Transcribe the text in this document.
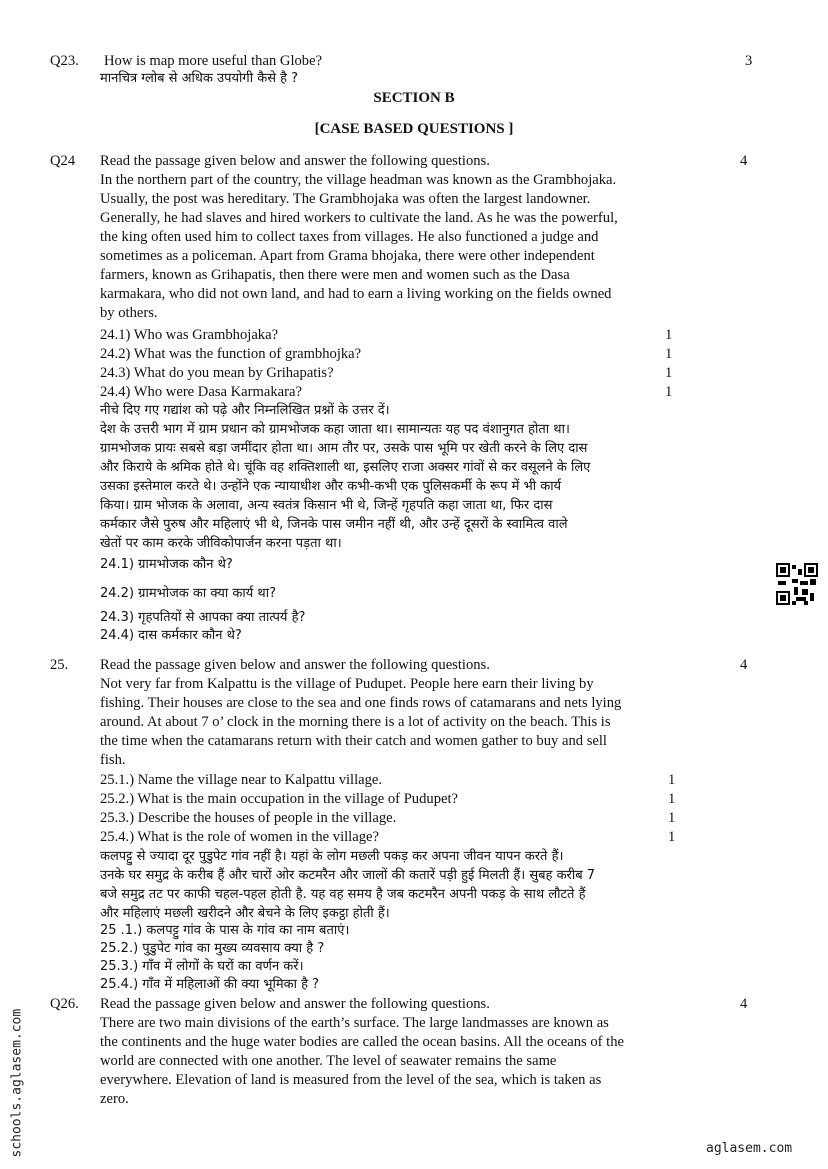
schools.aglasem.com	aglasem.com
Q23. How is map more useful than Globe?	3
मानचित्र ग्लोब से अधिक उपयोगी कैसे है ?
SECTION B
[CASE BASED QUESTIONS ]
Q24 Read the passage given below and answer the following questions.	4
In the northern part of the country, the village headman was known as the Grambhojaka.
Usually, the post was hereditary. The Grambhojaka was often the largest landowner.
Generally, he had slaves and hired workers to cultivate the land. As he was the powerful,
the king often used him to collect taxes from villages. He also functioned a judge and
sometimes as a policeman. Apart from Grama bhojaka, there were other independent
farmers, known as Grihapatis, then there were men and women such as the Dasa
karmakara, who did not own land, and had to earn a living working on the fields owned
by others.
24.1) Who was Grambhojaka?	1
24.2) What was the function of grambhojka?	1
24.3) What do you mean by Grihapatis?	1
24.4) Who were Dasa Karmakara?	1
नीचे दिए गए गद्यांश को पढ़े और निम्नलिखित प्रश्नों के उत्तर दें।
देश के उत्तरी भाग में ग्राम प्रधान को ग्रामभोजक कहा जाता था। सामान्यतः यह पद वंशानुगत होता था।
ग्रामभोजक प्रायः सबसे बड़ा जमींदार होता था। आम तौर पर, उसके पास भूमि पर खेती करने के लिए दास
और किराये के श्रमिक होते थे। चूंकि वह शक्तिशाली था, इसलिए राजा अक्सर गांवों से कर वसूलने के लिए
उसका इस्तेमाल करते थे। उन्होंने एक न्यायाधीश और कभी-कभी एक पुलिसकर्मी के रूप में भी कार्य
किया। ग्राम भोजक के अलावा, अन्य स्वतंत्र किसान भी थे, जिन्हें गृहपति कहा जाता था, फिर दास
कर्मकार जैसे पुरुष और महिलाएं भी थे, जिनके पास जमीन नहीं थी, और उन्हें दूसरों के स्वामित्व वाले
खेतों पर काम करके जीविकोपार्जन करना पड़ता था।
24.1) ग्रामभोजक कौन थे?
24.2) ग्रामभोजक का क्या कार्य था?
24.3) गृहपतियों से आपका क्या तात्पर्य है?
24.4) दास कर्मकार कौन थे?
25. Read the passage given below and answer the following questions.	4
Not very far from Kalpattu is the village of Pudupet. People here earn their living by
fishing. Their houses are close to the sea and one finds rows of catamarans and nets lying
around. At about 7 o’ clock in the morning there is a lot of activity on the beach. This is
the time when the catamarans return with their catch and women gather to buy and sell
fish.
25.1.) Name the village near to Kalpattu village.	1
25.2.) What is the main occupation in the village of Pudupet?	1
25.3.) Describe the houses of people in the village.	1
25.4.) What is the role of women in the village?	1
कलपट्टु से ज्यादा दूर पुडुपेट गांव नहीं है। यहां के लोग मछली पकड़ कर अपना जीवन यापन करते हैं।
उनके घर समुद्र के करीब हैं और चारों ओर कटमरैन और जालों की कतारें पड़ी हुई मिलती हैं। सुबह करीब 7
बजे समुद्र तट पर काफी चहल-पहल होती है. यह वह समय है जब कटमरैन अपनी पकड़ के साथ लौटते हैं
और महिलाएं मछली खरीदने और बेचने के लिए इकट्ठा होती हैं।
25 .1.) कलपट्टु गांव के पास के गांव का नाम बताएं।
25.2.) पुडुपेट गांव का मुख्य व्यवसाय क्या है ?
25.3.) गाँव में लोगों के घरों का वर्णन करें।
25.4.) गाँव में महिलाओं की क्या भूमिका है ?
Q26. Read the passage given below and answer the following questions.	4
There are two main divisions of the earth’s surface. The large landmasses are known as
the continents and the huge water bodies are called the ocean basins. All the oceans of the
world are connected with one another. The level of seawater remains the same
everywhere. Elevation of land is measured from the level of the sea, which is taken as
zero.
